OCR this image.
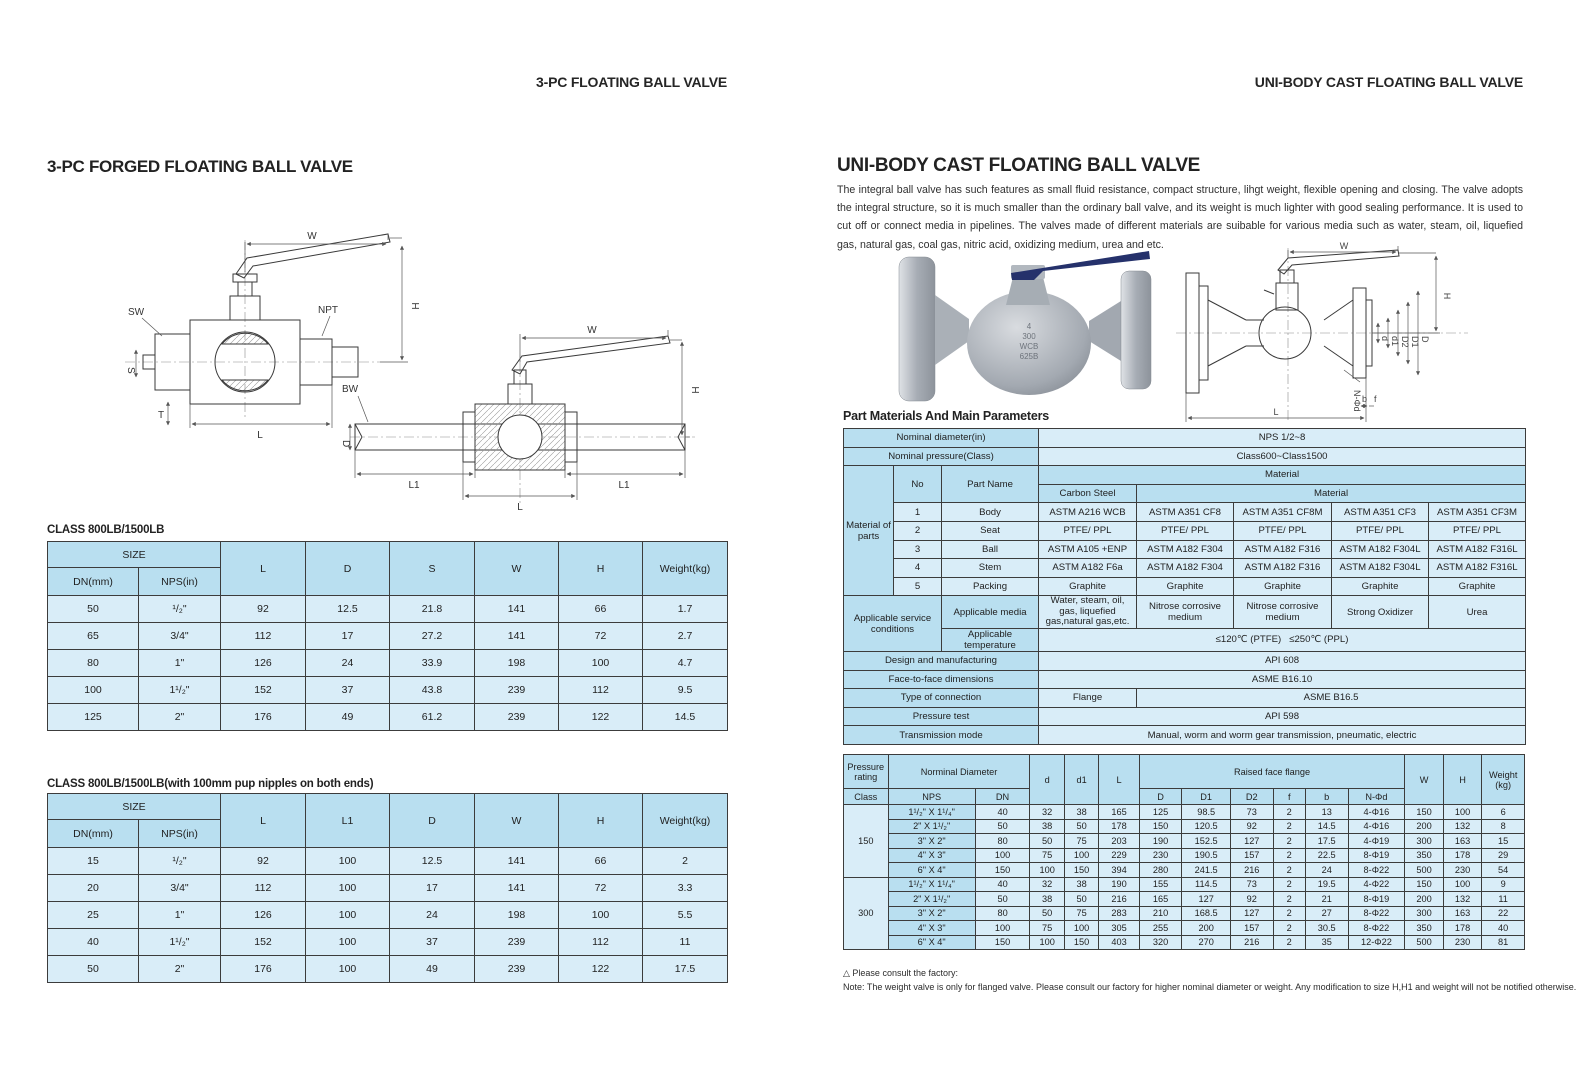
3-PC FLOATING BALL VALVE	UNI-BODY CAST FLOATING BALL VALVE
3-PC FORGED FLOATING BALL VALVE
W
H
SW	NPT
S
T
L
W
H
BW
D
L1	L1
L
CLASS 800LB/1500LB
SIZE		L	D	S	W	H	Weight(kg)
DN(mm)	NPS(in)						
50	¹/₂"	92	12.5	21.8	141	66	1.7
65	3/4"	112	17	27.2	141	72	2.7
80	1"	126	24	33.9	198	100	4.7
100	1¹/₂"	152	37	43.8	239	112	9.5
125	2"	176	49	61.2	239	122	14.5
CLASS 800LB/1500LB(with 100mm pup nipples on both ends)
SIZE		L	L1	D	W	H	Weight(kg)
DN(mm)	NPS(in)						
15	¹/₂"	92	100	12.5	141	66	2
20	3/4"	112	100	17	141	72	3.3
25	1"	126	100	24	198	100	5.5
40	1¹/₂"	152	100	37	239	112	11
50	2"	176	100	49	239	122	17.5
UNI-BODY CAST FLOATING BALL VALVE
The integral ball valve has such features as small fluid resistance, compact structure, lihgt weight, flexible opening and closing. The valve adopts the integral structure, so it is much smaller than the ordinary ball valve, and its weight is much lighter with good sealing performance. It is used to cut off or connect media in pipelines. The valves made of different materials are suibable for various media such as water, steam, oil, liquefied gas, natural gas, coal gas, nitric acid, oxidizing medium, urea and etc.
4
300
WCB
625B
W
H
d d1 D2 D1 D
N-Φd b f
L
Part Materials And Main Parameters
Nominal diameter(in)			NPS 1/2~8				
Nominal pressure(Class)			Class600~Class1500				
Material of parts	No	Part Name	Material				
			Carbon Steel	Material			
	1	Body	ASTM A216 WCB	ASTM A351 CF8	ASTM A351 CF8M	ASTM A351 CF3	ASTM A351 CF3M
	2	Seat	PTFE/ PPL	PTFE/ PPL	PTFE/ PPL	PTFE/ PPL	PTFE/ PPL
	3	Ball	ASTM A105 +ENP	ASTM A182 F304	ASTM A182 F316	ASTM A182 F304L	ASTM A182 F316L
	4	Stem	ASTM A182 F6a	ASTM A182 F304	ASTM A182 F316	ASTM A182 F304L	ASTM A182 F316L
	5	Packing	Graphite	Graphite	Graphite	Graphite	Graphite
Applicable service conditions		Applicable media	Water, steam, oil, gas, liquefied gas,natural gas,etc.	Nitrose corrosive medium	Nitrose corrosive medium	Strong Oxidizer	Urea
		Applicable temperature	≤120℃ (PTFE)   ≤250℃ (PPL)				
Design and manufacturing			API 608				
Face-to-face dimensions			ASME B16.10				
Type of connection			Flange	ASME B16.5			
Pressure test			API 598				
Transmission mode			Manual, worm and worm gear transmission, pneumatic, electric				
Pressure rating	Norminal Diameter		d	d1	L	Raised face flange						W	H	Weight (kg)
Class	NPS	DN				D	D1	D2	f	b	N-Φd			
150	1¹/₂" X 1¹/₄"	40	32	38	165	125	98.5	73	2	13	4-Φ16	150	100	6
	2" X 1¹/₂"	50	38	50	178	150	120.5	92	2	14.5	4-Φ16	200	132	8
	3" X 2"	80	50	75	203	190	152.5	127	2	17.5	4-Φ19	300	163	15
	4" X 3"	100	75	100	229	230	190.5	157	2	22.5	8-Φ19	350	178	29
	6" X 4"	150	100	150	394	280	241.5	216	2	24	8-Φ22	500	230	54
300	1¹/₂" X 1¹/₄"	40	32	38	190	155	114.5	73	2	19.5	4-Φ22	150	100	9
	2" X 1¹/₂"	50	38	50	216	165	127	92	2	21	8-Φ19	200	132	11
	3" X 2"	80	50	75	283	210	168.5	127	2	27	8-Φ22	300	163	22
	4" X 3"	100	75	100	305	255	200	157	2	30.5	8-Φ22	350	178	40
	6" X 4"	150	100	150	403	320	270	216	2	35	12-Φ22	500	230	81
△ Please consult the factory:
Note: The weight valve is only for flanged valve. Please consult our factory for higher nominal diameter or weight. Any modification to size H,H1 and weight will not be notified otherwise.
